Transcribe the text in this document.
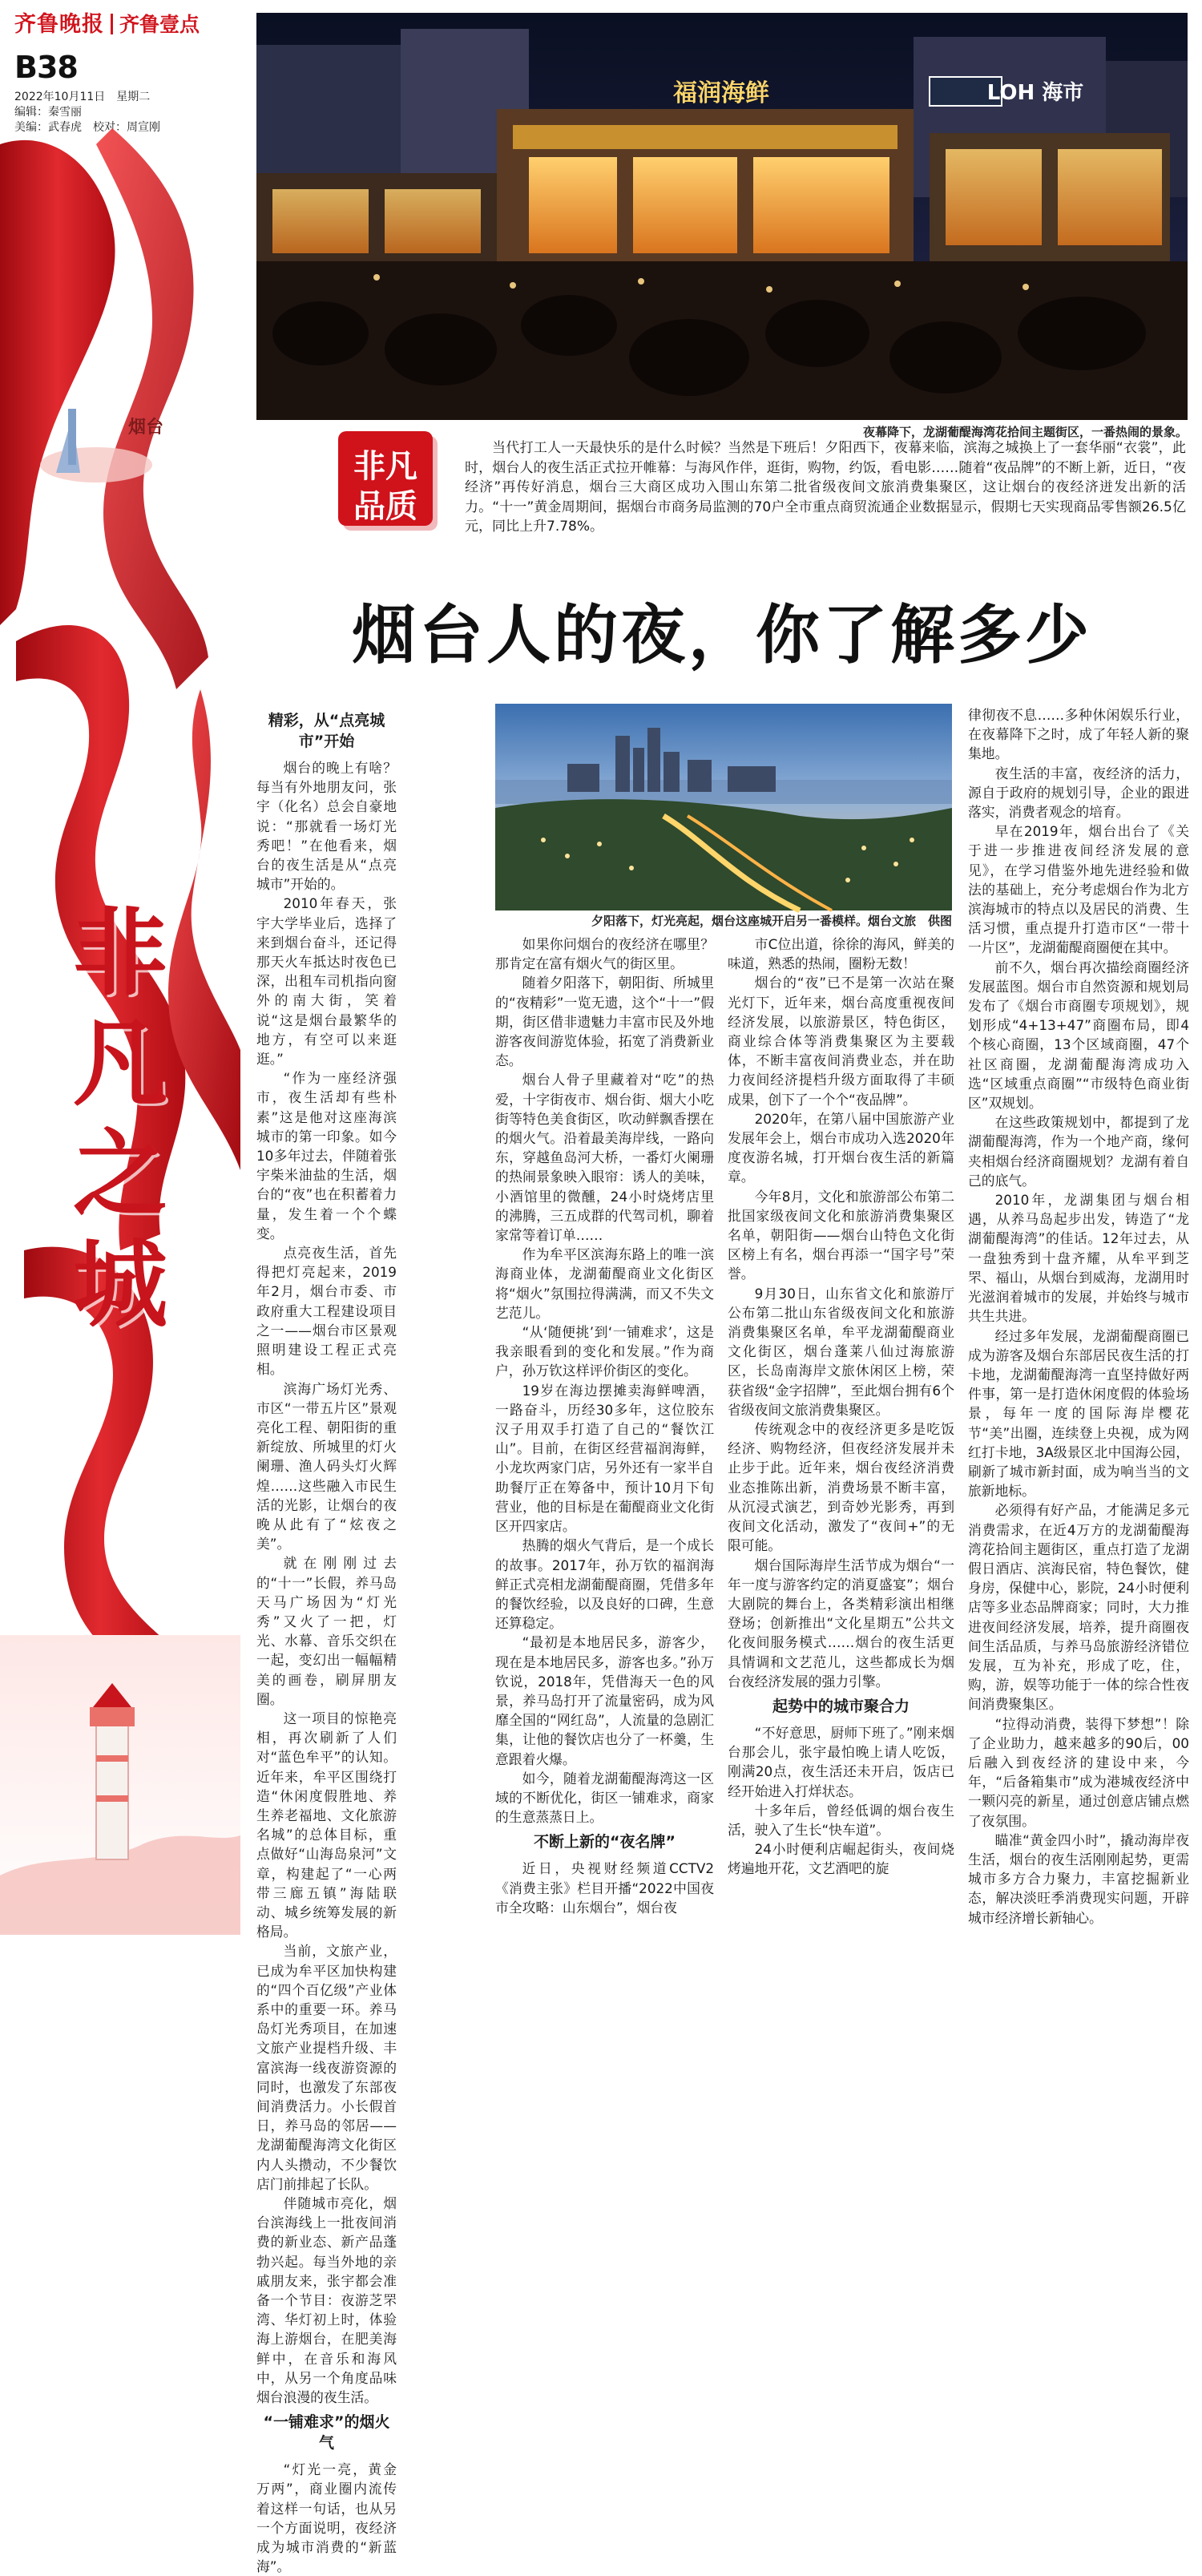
齐鲁晚报 齐鲁壹点
B38
2022年10月11日　星期二
编辑：秦雪丽
美编：武春虎　校对：周宣刚
烟台
非
凡
之
城
福润海鲜	LOH 海市
夜幕降下，龙湖葡醍海湾花拾间主题街区，一番热闹的景象。
非凡
品质

当代打工人一天最快乐的是什么时候？当然是下班后！夕阳西下，夜幕来临，滨海之城换上了一套华丽“衣裳”，此时，烟台人的夜生活正式拉开帷幕：与海风作伴，逛街，购物，约饭，看电影……随着“夜品牌”的不断上新，近日，“夜经济”再传好消息，烟台三大商区成功入围山东第二批省级夜间文旅消费集聚区，这让烟台的夜经济迸发出新的活力。“十一”黄金周期间，据烟台市商务局监测的70户全市重点商贸流通企业数据显示，假期七天实现商品零售额26.5亿元，同比上升7.78%。

烟台人的夜，你了解多少
夕阳落下，灯光亮起，烟台这座城开启另一番模样。烟台文旅　供图
精彩，从“点亮城市”开始

烟台的晚上有啥？每当有外地朋友问，张宇（化名）总会自豪地说：“那就看一场灯光秀吧！”在他看来，烟台的夜生活是从“点亮城市”开始的。

2010年春天，张宇大学毕业后，选择了来到烟台奋斗，还记得那天火车抵达时夜色已深，出租车司机指向窗外的南大街，笑着说“这是烟台最繁华的地方，有空可以来逛逛。”

“作为一座经济强市，夜生活却有些朴素”这是他对这座海滨城市的第一印象。如今10多年过去，伴随着张宇柴米油盐的生活，烟台的“夜”也在积蓄着力量，发生着一个个蝶变。

点亮夜生活，首先得把灯亮起来，2019年2月，烟台市委、市政府重大工程建设项目之一——烟台市区景观照明建设工程正式亮相。

滨海广场灯光秀、市区“一带五片区”景观亮化工程、朝阳街的重新绽放、所城里的灯火阑珊、渔人码头灯火辉煌……这些融入市民生活的光影，让烟台的夜晚从此有了“炫夜之美”。

就在刚刚过去的“十一”长假，养马岛天马广场因为“灯光秀”又火了一把，灯光、水幕、音乐交织在一起，变幻出一幅幅精美的画卷，刷屏朋友圈。

这一项目的惊艳亮相，再次刷新了人们对“蓝色牟平”的认知。近年来，牟平区围绕打造“休闲度假胜地、养生养老福地、文化旅游名城”的总体目标，重点做好“山海岛泉河”文章，构建起了“一心两带三廊五镇”海陆联动、城乡统筹发展的新格局。

当前，文旅产业，已成为牟平区加快构建的“四个百亿级”产业体系中的重要一环。养马岛灯光秀项目，在加速文旅产业提档升级、丰富滨海一线夜游资源的同时，也激发了东部夜间消费活力。小长假首日，养马岛的邻居——龙湖葡醍海湾文化街区内人头攒动，不少餐饮店门前排起了长队。

伴随城市亮化，烟台滨海线上一批夜间消费的新业态、新产品蓬勃兴起。每当外地的亲戚朋友来，张宇都会准备一个节目：夜游芝罘湾、华灯初上时，体验海上游烟台，在肥美海鲜中，在音乐和海风中，从另一个角度品味烟台浪漫的夜生活。

“一铺难求”的烟火气

“灯光一亮，黄金万两”，商业圈内流传着这样一句话，也从另一个方面说明，夜经济成为城市消费的“新蓝海”。

如果你问烟台的夜经济在哪里？那肯定在富有烟火气的街区里。

随着夕阳落下，朝阳街、所城里的“夜精彩”一览无遗，这个“十一”假期，街区借非遗魅力丰富市民及外地游客夜间游览体验，拓宽了消费新业态。

烟台人骨子里藏着对“吃”的热爱，十字街夜市、烟台街、烟大小吃街等特色美食街区，吹动鲜飘香摆在的烟火气。沿着最美海岸线，一路向东，穿越鱼岛河大桥，一番灯火阑珊的热闹景象映入眼帘：诱人的美味，小酒馆里的微醺，24小时烧烤店里的沸腾，三五成群的代驾司机，聊着家常等着订单……

作为牟平区滨海东路上的唯一滨海商业体，龙湖葡醍商业文化街区将“烟火”氛围拉得满满，而又不失文艺范儿。

“从‘随便挑’到‘一铺难求’，这是我亲眼看到的变化和发展。”作为商户，孙万钦这样评价街区的变化。

19岁在海边摆摊卖海鲜啤酒，一路奋斗，历经30多年，这位胶东汉子用双手打造了自己的“餐饮江山”。目前，在街区经营福润海鲜，小龙坎两家门店，另外还有一家半自助餐厅正在筹备中，预计10月下旬营业，他的目标是在葡醍商业文化街区开四家店。

热腾的烟火气背后，是一个成长的故事。2017年，孙万钦的福润海鲜正式亮相龙湖葡醍商圈，凭借多年的餐饮经验，以及良好的口碑，生意还算稳定。

“最初是本地居民多，游客少，现在是本地居民多，游客也多。”孙万钦说，2018年，凭借海天一色的风景，养马岛打开了流量密码，成为风靡全国的“网红岛”，人流量的急剧汇集，让他的餐饮店也分了一杯羹，生意跟着火爆。

如今，随着龙湖葡醍海湾这一区域的不断优化，街区一铺难求，商家的生意蒸蒸日上。

不断上新的“夜名牌”

近日，央视财经频道CCTV2《消费主张》栏目开播“2022中国夜市全攻略：山东烟台”，烟台夜

市C位出道，徐徐的海风，鲜美的味道，熟悉的热闹，圈粉无数！

烟台的“夜”已不是第一次站在聚光灯下，近年来，烟台高度重视夜间经济发展，以旅游景区，特色街区，商业综合体等消费集聚区为主要载体，不断丰富夜间消费业态，并在助力夜间经济提档升级方面取得了丰硕成果，创下了一个个“夜品牌”。

2020年，在第八届中国旅游产业发展年会上，烟台市成功入选2020年度夜游名城，打开烟台夜生活的新篇章。

今年8月，文化和旅游部公布第二批国家级夜间文化和旅游消费集聚区名单，朝阳街——烟台山特色文化街区榜上有名，烟台再添一“国字号”荣誉。

9月30日，山东省文化和旅游厅公布第二批山东省级夜间文化和旅游消费集聚区名单，牟平龙湖葡醍商业文化街区，烟台蓬莱八仙过海旅游区，长岛南海岸文旅休闲区上榜，荣获省级“金字招牌”，至此烟台拥有6个省级夜间文旅消费集聚区。

传统观念中的夜经济更多是吃饭经济、购物经济，但夜经济发展并未止步于此。近年来，烟台夜经济消费业态推陈出新，消费场景不断丰富，从沉浸式演艺，到奇妙光影秀，再到夜间文化活动，激发了“夜间+”的无限可能。

烟台国际海岸生活节成为烟台“一年一度与游客约定的消夏盛宴”；烟台大剧院的舞台上，各类精彩演出相继登场；创新推出“文化星期五”公共文化夜间服务模式……烟台的夜生活更具情调和文艺范儿，这些都成长为烟台夜经济发展的强力引擎。

起势中的城市聚合力

“不好意思，厨师下班了。”刚来烟台那会儿，张宇最怕晚上请人吃饭，刚满20点，夜生活还未开启，饭店已经开始进入打烊状态。

十多年后，曾经低调的烟台夜生活，驶入了生长“快车道”。

24小时便利店崛起街头，夜间烧烤遍地开花，文艺酒吧的旋

律彻夜不息……多种休闲娱乐行业，在夜幕降下之时，成了年轻人新的聚集地。

夜生活的丰富，夜经济的活力，源自于政府的规划引导，企业的跟进落实，消费者观念的培育。

早在2019年，烟台出台了《关于进一步推进夜间经济发展的意见》，在学习借鉴外地先进经验和做法的基础上，充分考虑烟台作为北方滨海城市的特点以及居民的消费、生活习惯，重点提升打造市区“一带十一片区”，龙湖葡醍商圈便在其中。

前不久，烟台再次描绘商圈经济发展蓝图。烟台市自然资源和规划局发布了《烟台市商圈专项规划》，规划形成“4+13+47”商圈布局，即4个核心商圈，13个区域商圈，47个社区商圈，龙湖葡醍海湾成功入选“区域重点商圈”“市级特色商业街区”双规划。

在这些政策规划中，都提到了龙湖葡醍海湾，作为一个地产商，缘何夹相烟台经济商圈规划？龙湖有着自己的底气。

2010年，龙湖集团与烟台相遇，从养马岛起步出发，铸造了“龙湖葡醍海湾”的佳话。12年过去，从一盘独秀到十盘齐耀，从牟平到芝罘、福山，从烟台到威海，龙湖用时光滋润着城市的发展，并始终与城市共生共进。

经过多年发展，龙湖葡醍商圈已成为游客及烟台东部居民夜生活的打卡地，龙湖葡醍海湾一直坚持做好两件事，第一是打造休闲度假的体验场景，每年一度的国际海岸樱花节“美”出圈，连续登上央视，成为网红打卡地，3A级景区北中国海公园，刷新了城市新封面，成为响当当的文旅新地标。

必须得有好产品，才能满足多元消费需求，在近4万方的龙湖葡醍海湾花拾间主题街区，重点打造了龙湖假日酒店、滨海民宿，特色餐饮，健身房，保健中心，影院，24小时便利店等多业态品牌商家；同时，大力推进夜间经济发展，培养，提升商圈夜间生活品质，与养马岛旅游经济错位发展，互为补充，形成了吃，住，购，游，娱等功能于一体的综合性夜间消费聚集区。

“拉得动消费，装得下梦想”！除了企业助力，越来越多的90后，00后融入到夜经济的建设中来，今年，“后备箱集市”成为港城夜经济中一颗闪亮的新星，通过创意店铺点燃了夜氛围。

瞄准“黄金四小时”，撬动海岸夜生活，烟台的夜生活刚刚起势，更需城市多方合力聚力，丰富挖掘新业态，解决淡旺季消费现实问题，开辟城市经济增长新轴心。
